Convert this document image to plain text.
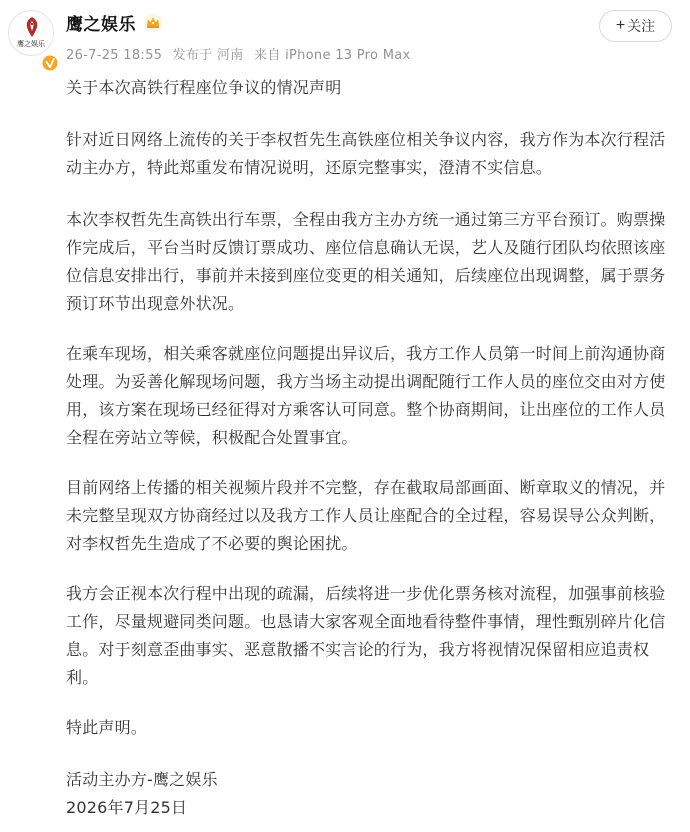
鹰之娱乐
鹰之娱乐
26-7-25 18:55 发布于 河南 来自 iPhone 13 Pro Max
+ 关注

关于本次高铁行程座位争议的情况声明

针对近日网络上流传的关于李权哲先生高铁座位相关争议内容，我方作为本次行程活动主办方，特此郑重发布情况说明，还原完整事实，澄清不实信息。

本次李权哲先生高铁出行车票，全程由我方主办方统一通过第三方平台预订。购票操作完成后，平台当时反馈订票成功、座位信息确认无误，艺人及随行团队均依照该座位信息安排出行，事前并未接到座位变更的相关通知，后续座位出现调整，属于票务预订环节出现意外状况。

在乘车现场，相关乘客就座位问题提出异议后，我方工作人员第一时间上前沟通协商处理。为妥善化解现场问题，我方当场主动提出调配随行工作人员的座位交由对方使用，该方案在现场已经征得对方乘客认可同意。整个协商期间，让出座位的工作人员全程在旁站立等候，积极配合处置事宜。

目前网络上传播的相关视频片段并不完整，存在截取局部画面、断章取义的情况，并未完整呈现双方协商经过以及我方工作人员让座配合的全过程，容易误导公众判断，对李权哲先生造成了不必要的舆论困扰。

我方会正视本次行程中出现的疏漏，后续将进一步优化票务核对流程，加强事前核验工作，尽量规避同类问题。也恳请大家客观全面地看待整件事情，理性甄别碎片化信息。对于刻意歪曲事实、恶意散播不实言论的行为，我方将视情况保留相应追责权利。

特此声明。

活动主办方-鹰之娱乐

2026年7月25日
